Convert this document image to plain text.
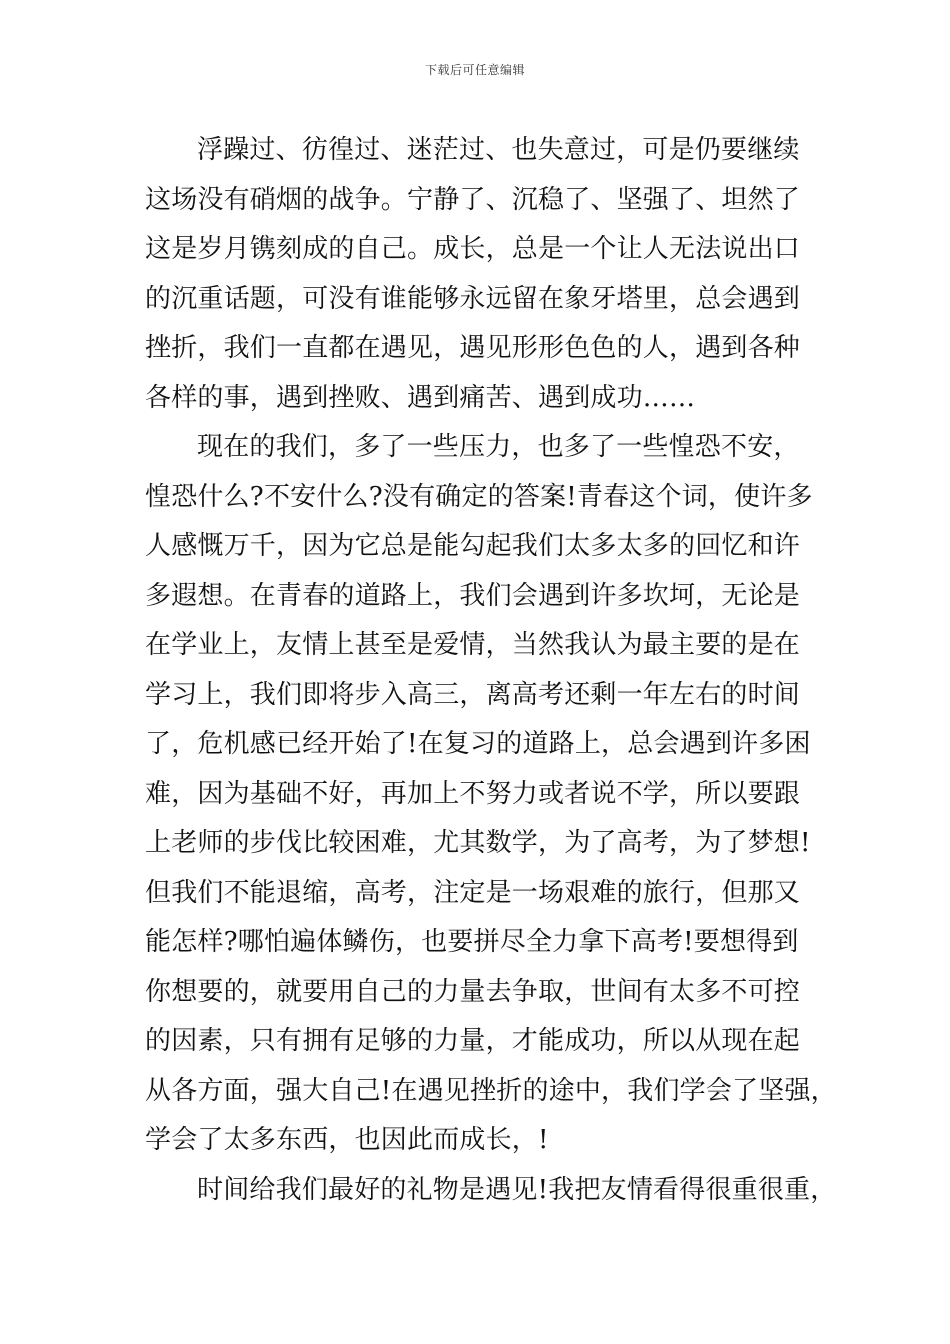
下载后可任意编辑
浮躁过、彷徨过、迷茫过、也失意过，可是仍要继续
这场没有硝烟的战争。宁静了、沉稳了、坚强了、坦然了
这是岁月镌刻成的自己。成长，总是一个让人无法说出口
的沉重话题，可没有谁能够永远留在象牙塔里，总会遇到
挫折，我们一直都在遇见，遇见形形色色的人，遇到各种
各样的事，遇到挫败、遇到痛苦、遇到成功……
现在的我们，多了一些压力，也多了一些惶恐不安，
惶恐什么?不安什么?没有确定的答案!青春这个词，使许多
人感慨万千，因为它总是能勾起我们太多太多的回忆和许
多遐想。在青春的道路上，我们会遇到许多坎坷，无论是
在学业上，友情上甚至是爱情，当然我认为最主要的是在
学习上，我们即将步入高三，离高考还剩一年左右的时间
了，危机感已经开始了!在复习的道路上，总会遇到许多困
难，因为基础不好，再加上不努力或者说不学，所以要跟
上老师的步伐比较困难，尤其数学，为了高考，为了梦想!
但我们不能退缩，高考，注定是一场艰难的旅行，但那又
能怎样?哪怕遍体鳞伤，也要拼尽全力拿下高考!要想得到
你想要的，就要用自己的力量去争取，世间有太多不可控
的因素，只有拥有足够的力量，才能成功，所以从现在起
从各方面，强大自己!在遇见挫折的途中，我们学会了坚强，
学会了太多东西，也因此而成长，!
时间给我们最好的礼物是遇见!我把友情看得很重很重，
